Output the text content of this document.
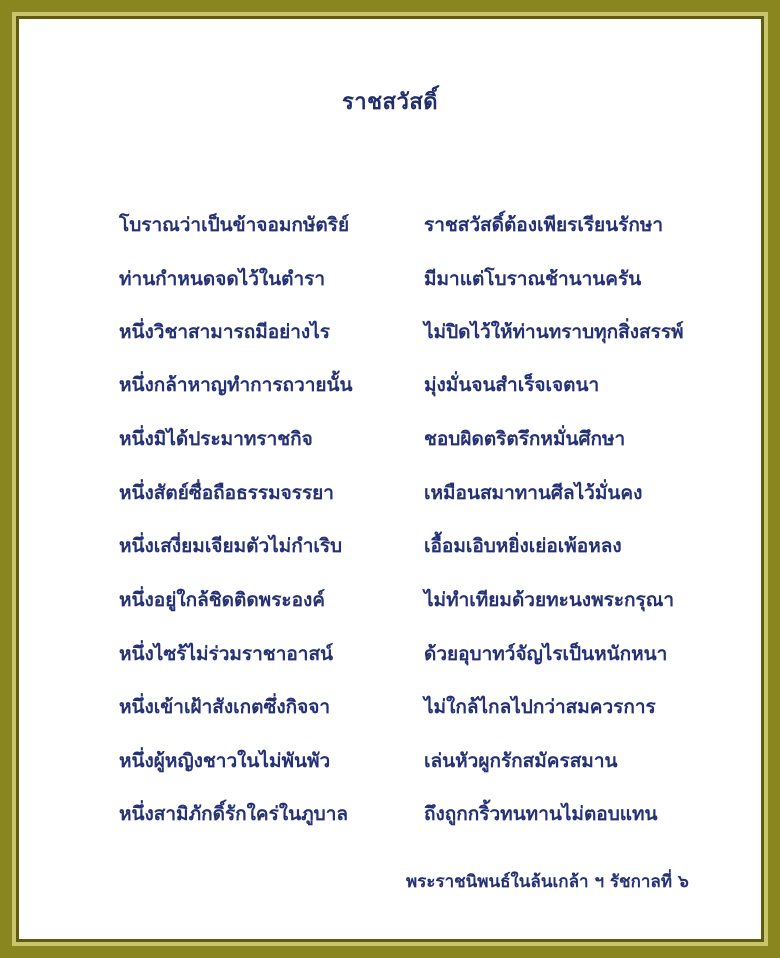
ราชสวัสดิ์
โบราณว่าเป็นข้าจอมกษัตริย์	ราชสวัสดิ์ต้องเพียรเรียนรักษา
ท่านกำหนดจดไว้ในตำรา	มีมาแต่โบราณช้านานครัน
หนึ่งวิชาสามารถมีอย่างไร	ไม่ปิดไว้ให้ท่านทราบทุกสิ่งสรรพ์
หนึ่งกล้าหาญทำการถวายนั้น	มุ่งมั่นจนสำเร็จเจตนา
หนึ่งมิได้ประมาทราชกิจ	ชอบผิดตริตรึกหมั่นศึกษา
หนึ่งสัตย์ซื่อถือธรรมจรรยา	เหมือนสมาทานศีลไว้มั่นคง
หนึ่งเสงี่ยมเจียมตัวไม่กำเริบ	เอื้อมเอิบหยิ่งเย่อเพ้อหลง
หนึ่งอยู่ใกล้ชิดติดพระองค์	ไม่ทำเทียมด้วยทะนงพระกรุณา
หนึ่งไซร้ไม่ร่วมราชาอาสน์	ด้วยอุบาทว์จัญไรเป็นหนักหนา
หนึ่งเข้าเฝ้าสังเกตซึ่งกิจจา	ไม่ใกล้ไกลไปกว่าสมควรการ
หนึ่งผู้หญิงชาวในไม่พันพัว	เล่นหัวผูกรักสมัครสมาน
หนึ่งสามิภักดิ์รักใคร่ในภูบาล	ถึงถูกกริ้วทนทานไม่ตอบแทน
พระราชนิพนธ์ในล้นเกล้า ฯ รัชกาลที่ ๖
